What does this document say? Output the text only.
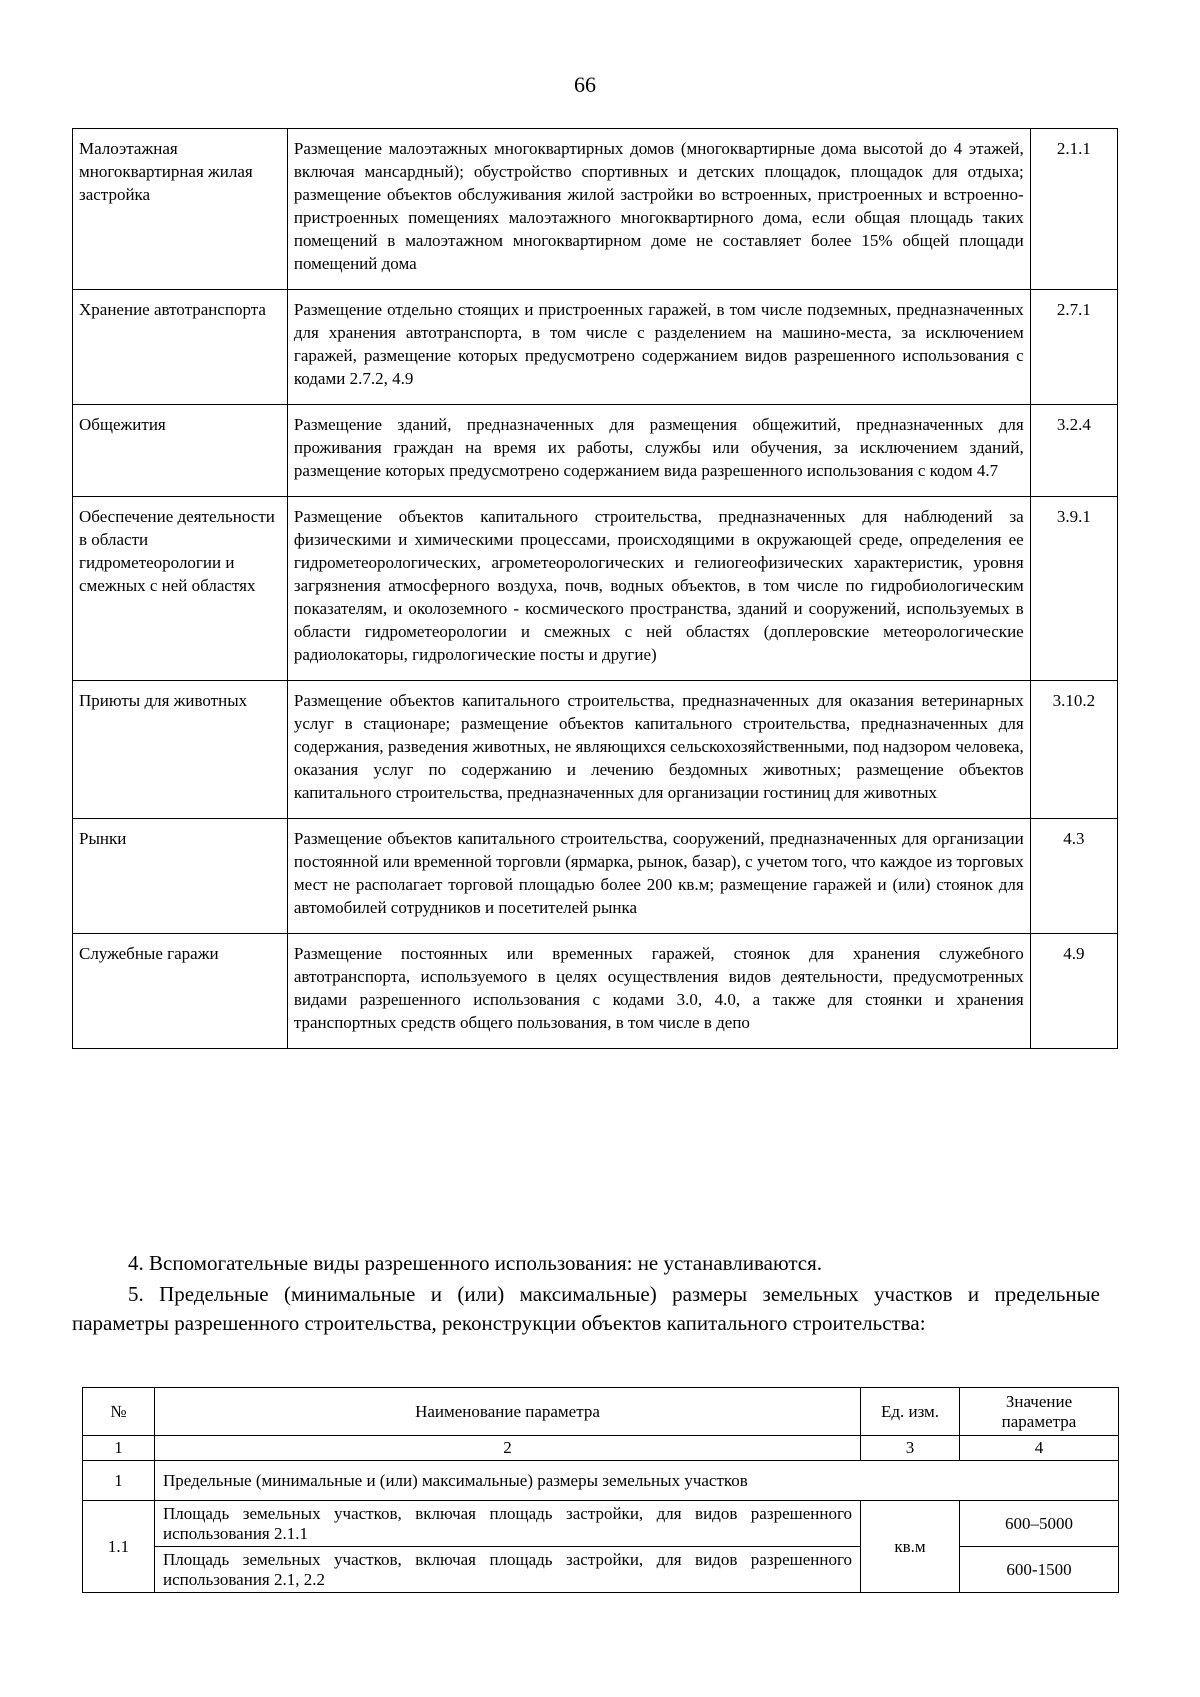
66
Малоэтажная многоквартирная жилая застройка	Размещение малоэтажных многоквартирных домов (многоквартирные дома высотой до 4 этажей, включая мансардный); обустройство спортивных и детских площадок, площадок для отдыха; размещение объектов обслуживания жилой застройки во встроенных, пристроенных и встроенно-пристроенных помещениях малоэтажного многоквартирного дома, если общая площадь таких помещений в малоэтажном многоквартирном доме не составляет более 15% общей площади помещений дома	2.1.1
Хранение автотранспорта	Размещение отдельно стоящих и пристроенных гаражей, в том числе подземных, предназначенных для хранения автотранспорта, в том числе с разделением на машино-места, за исключением гаражей, размещение которых предусмотрено содержанием видов разрешенного использования с кодами 2.7.2, 4.9	2.7.1
Общежития	Размещение зданий, предназначенных для размещения общежитий, предназначенных для проживания граждан на время их работы, службы или обучения, за исключением зданий, размещение которых предусмотрено содержанием вида разрешенного использования с кодом 4.7	3.2.4
Обеспечение деятельности в области гидрометеорологии и смежных с ней областях	Размещение объектов капитального строительства, предназначенных для наблюдений за физическими и химическими процессами, происходящими в окружающей среде, определения ее гидрометеорологических, агрометеорологических и гелиогеофизических характеристик, уровня загрязнения атмосферного воздуха, почв, водных объектов, в том числе по гидробиологическим показателям, и околоземного - космического пространства, зданий и сооружений, используемых в области гидрометеорологии и смежных с ней областях (доплеровские метеорологические радиолокаторы, гидрологические посты и другие)	3.9.1
Приюты для животных	Размещение объектов капитального строительства, предназначенных для оказания ветеринарных услуг в стационаре; размещение объектов капитального строительства, предназначенных для содержания, разведения животных, не являющихся сельскохозяйственными, под надзором человека, оказания услуг по содержанию и лечению бездомных животных; размещение объектов капитального строительства, предназначенных для организации гостиниц для животных	3.10.2
Рынки	Размещение объектов капитального строительства, сооружений, предназначенных для организации постоянной или временной торговли (ярмарка, рынок, базар), с учетом того, что каждое из торговых мест не располагает торговой площадью более 200 кв.м; размещение гаражей и (или) стоянок для автомобилей сотрудников и посетителей рынка	4.3
Служебные гаражи	Размещение постоянных или временных гаражей, стоянок для хранения служебного автотранспорта, используемого в целях осуществления видов деятельности, предусмотренных видами разрешенного использования с кодами 3.0, 4.0, а также для стоянки и хранения транспортных средств общего пользования, в том числе в депо	4.9

4. Вспомогательные виды разрешенного использования: не устанавливаются.

5. Предельные (минимальные и (или) максимальные) размеры земельных участков и предельные параметры разрешенного строительства, реконструкции объектов капитального строительства:

№	Наименование параметра	Ед. изм.	Значение параметра
1	2	3	4
1	Предельные (минимальные и (или) максимальные) размеры земельных участков		
1.1	Площадь земельных участков, включая площадь застройки, для видов разрешенного использования 2.1.1	кв.м	600–5000
	Площадь земельных участков, включая площадь застройки, для видов разрешенного использования 2.1, 2.2		600-1500
